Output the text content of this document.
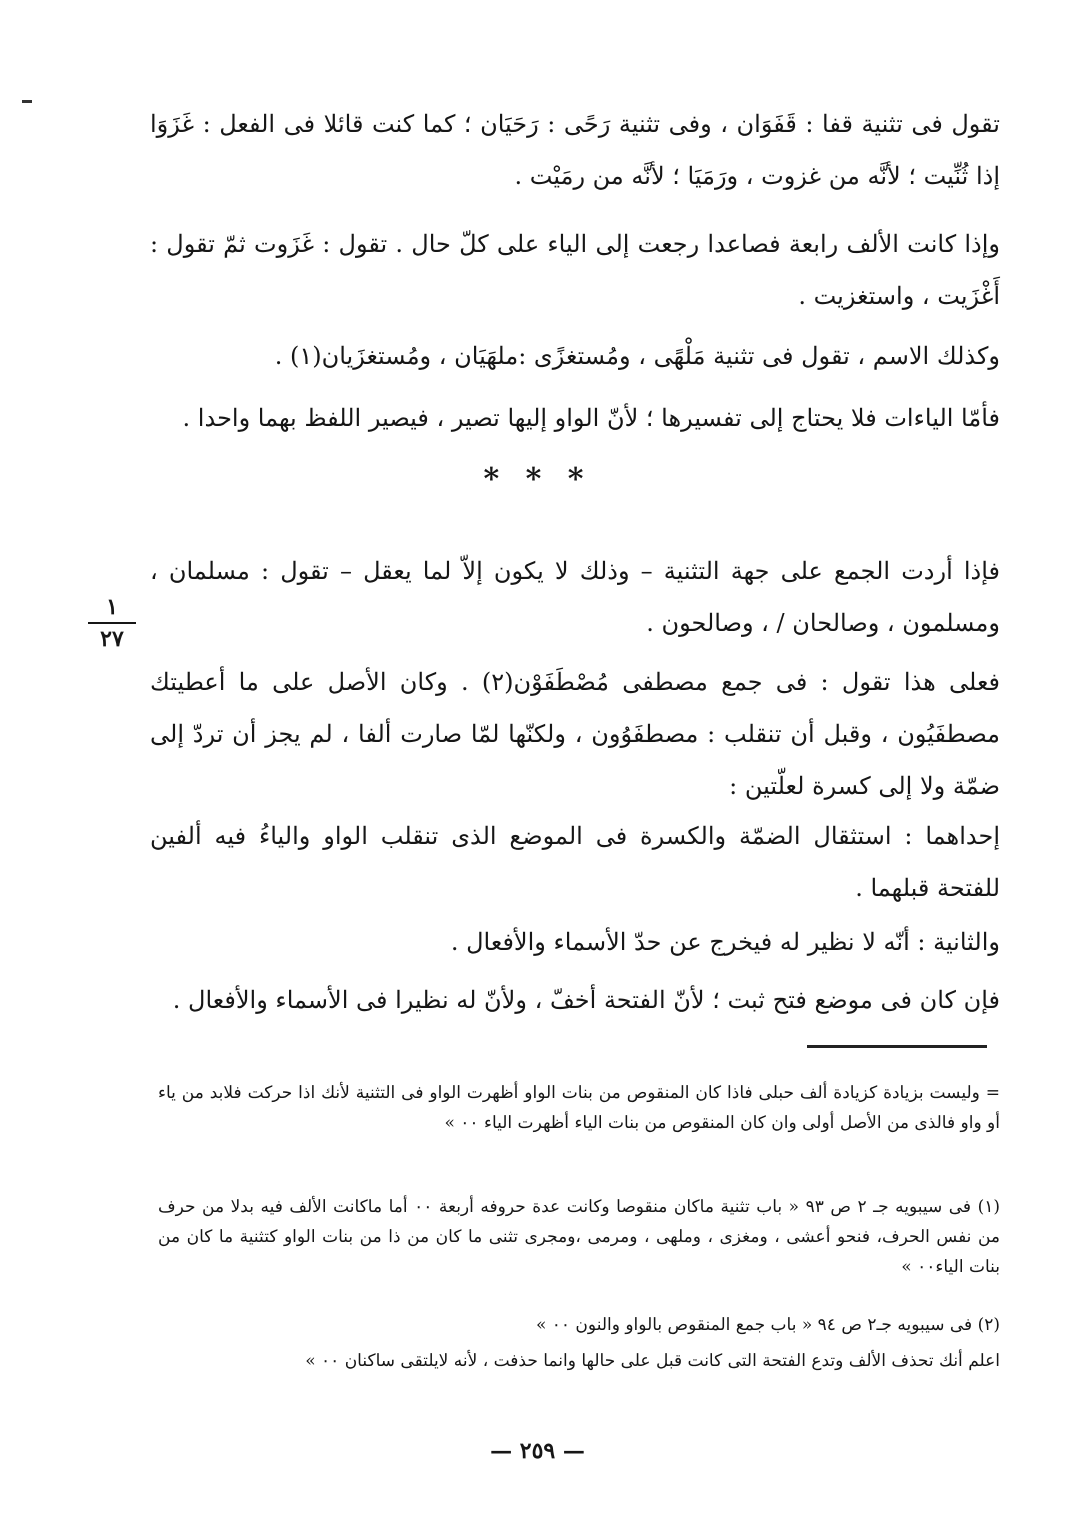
تقول فى تثنية قفا : قَفَوَان ، وفى تثنية رَحًى : رَحَيَان ؛ كما كنت قائلا فى الفعل : غَزَوَا إذا ثُنِّيت ؛ لأنَّه من غزوت ، ورَمَيَا ؛ لأنَّه من رمَيْت .

وإذا كانت الألف رابعة فصاعدا رجعت إلى الياء على كلّ حال . تقول : غَزَوت ثمّ تقول : أَغْزَيت ، واستغزيت .

وكذلك الاسم ، تقول فى تثنية مَلْهًى ، ومُستغزًى :ملهَيَان ، ومُستغزَيان(١) .

فأمّا الياءات فلا يحتاج إلى تفسيرها ؛ لأنّ الواو إليها تصير ، فيصير اللفظ بهما واحدا .

* * *

فإذا أردت الجمع على جهة التثنية – وذلك لا يكون إلاّ لما يعقل – تقول : مسلمان ، ومسلمون ، وصالحان / ، وصالحون .

١
٢٧

فعلى هذا تقول : فى جمع مصطفى مُصْطَفَوْن(٢) . وكان الأصل على ما أعطيتك مصطفَيُون ، وقبل أن تنقلب : مصطفَوُون ، ولكنّها لمّا صارت ألفا ، لم يجز أن تردّ إلى ضمّة ولا إلى كسرة لعلّتين :

إحداهما : استثقال الضمّة والكسرة فى الموضع الذى تنقلب الواو والياءُ فيه ألفين للفتحة قبلهما .

والثانية : أنّه لا نظير له فيخرج عن حدّ الأسماء والأفعال .

فإن كان فى موضع فتح ثبت ؛ لأنّ الفتحة أخفّ ، ولأنّ له نظيرا فى الأسماء والأفعال .

= وليست بزيادة كزيادة ألف حبلى فاذا كان المنقوص من بنات الواو أظهرت الواو فى التثنية لأنك اذا حركت فلابد من ياء أو واو فالذى من الأصل أولى وان كان المنقوص من بنات الياء أظهرت الياء ٠٠ »

(١) فى سيبويه جـ ٢ ص ٩٣ « باب تثنية ماكان منقوصا وكانت عدة حروفه أربعة ٠٠ أما ماكانت الألف فيه بدلا من حرف من نفس الحرف، فنحو أعشى ، ومغزى ، وملهى ، ومرمى ،ومجرى تثنى ما كان من ذا من بنات الواو كتثنية ما كان من بنات الياء٠٠ »

(٢) فى سيبويه جـ٢ ص ٩٤ « باب جمع المنقوص بالواو والنون ٠٠ »

اعلم أنك تحذف الألف وتدع الفتحة التى كانت قبل على حالها وانما حذفت ، لأنه لايلتقى ساكنان ٠٠ »

— ٢٥٩ —
